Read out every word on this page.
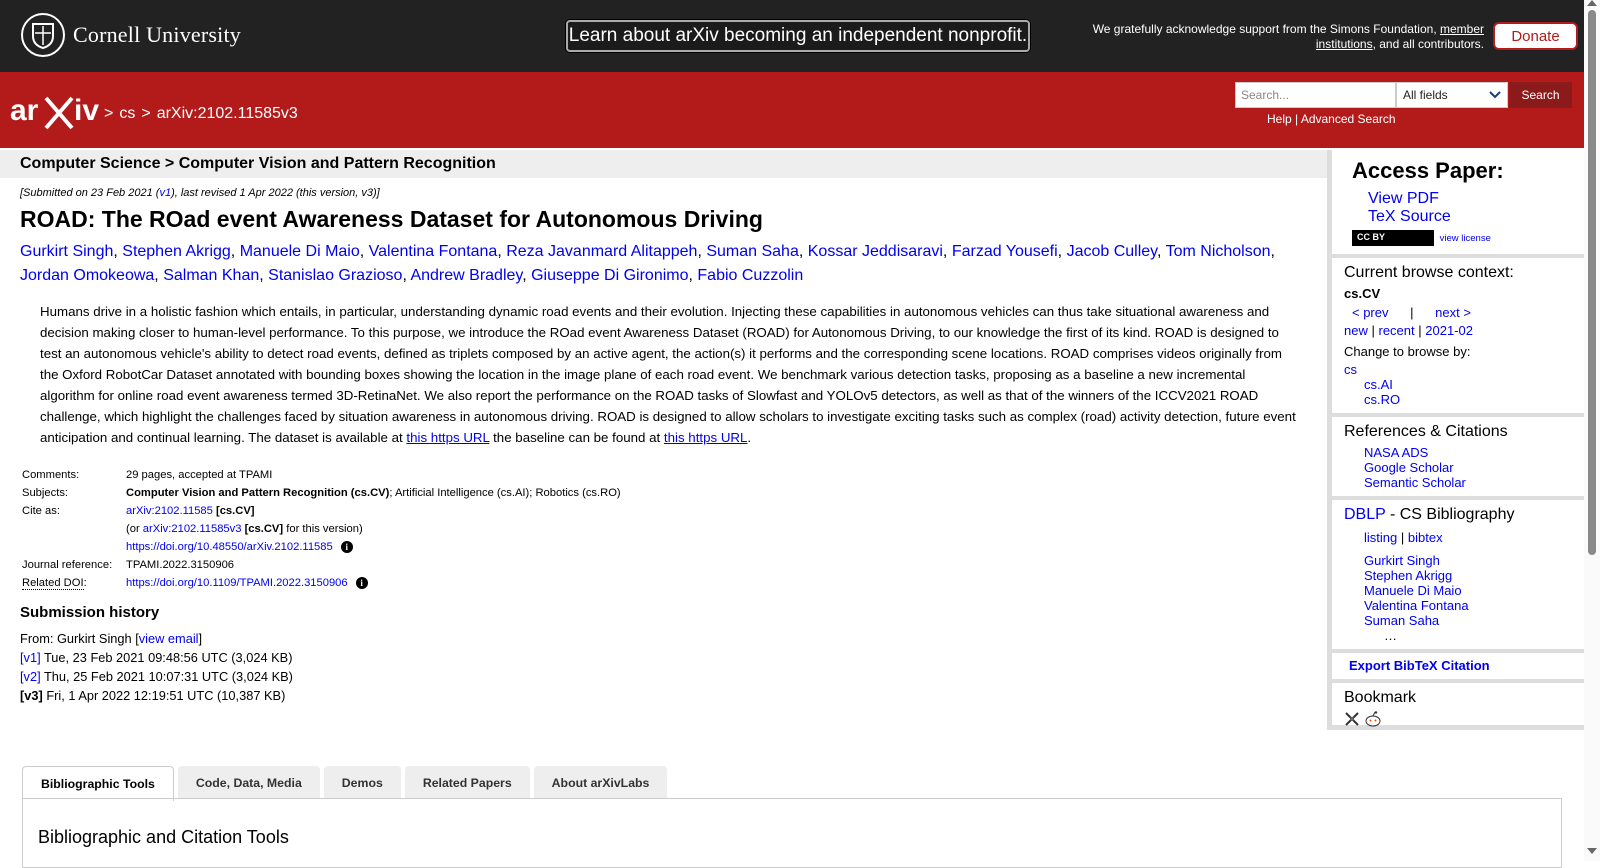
Cornell University	Learn about arXiv becoming an independent nonprofit.	We gratefully acknowledge support from the Simons Foundation, member institutions, and all contributors.	Donate
ar iv > cs > arXiv:2102.11585v3
Search...	All fields	Search
Help | Advanced Search
Computer Science > Computer Vision and Pattern Recognition
[Submitted on 23 Feb 2021 (v1), last revised 1 Apr 2022 (this version, v3)]
ROAD: The ROad event Awareness Dataset for Autonomous Driving
Gurkirt Singh, Stephen Akrigg, Manuele Di Maio, Valentina Fontana, Reza Javanmard Alitappeh, Suman Saha, Kossar Jeddisaravi, Farzad Yousefi, Jacob Culley, Tom Nicholson,
Jordan Omokeowa, Salman Khan, Stanislao Grazioso, Andrew Bradley, Giuseppe Di Gironimo, Fabio Cuzzolin
Humans drive in a holistic fashion which entails, in particular, understanding dynamic road events and their evolution. Injecting these capabilities in autonomous vehicles can thus take situational awareness and decision making closer to human-level performance. To this purpose, we introduce the ROad event Awareness Dataset (ROAD) for Autonomous Driving, to our knowledge the first of its kind. ROAD is designed to test an autonomous vehicle's ability to detect road events, defined as triplets composed by an active agent, the action(s) it performs and the corresponding scene locations. ROAD comprises videos originally from the Oxford RobotCar Dataset annotated with bounding boxes showing the location in the image plane of each road event. We benchmark various detection tasks, proposing as a baseline a new incremental algorithm for online road event awareness termed 3D-RetinaNet. We also report the performance on the ROAD tasks of Slowfast and YOLOv5 detectors, as well as that of the winners of the ICCV2021 ROAD challenge, which highlight the challenges faced by situation awareness in autonomous driving. ROAD is designed to allow scholars to investigate exciting tasks such as complex (road) activity detection, future event anticipation and continual learning. The dataset is available at this https URL the baseline can be found at this https URL.
Comments:	29 pages, accepted at TPAMI
Subjects:	Computer Vision and Pattern Recognition (cs.CV); Artificial Intelligence (cs.AI); Robotics (cs.RO)
Cite as:	arXiv:2102.11585 [cs.CV]
	(or arXiv:2102.11585v3 [cs.CV] for this version)
	https://doi.org/10.48550/arXiv.2102.11585 i
Journal reference:	TPAMI.2022.3150906
Related DOI:	https://doi.org/10.1109/TPAMI.2022.3150906 i
Submission history
From: Gurkirt Singh [view email]
[v1] Tue, 23 Feb 2021 09:48:56 UTC (3,024 KB)
[v2] Thu, 25 Feb 2021 10:07:31 UTC (3,024 KB)
[v3] Fri, 1 Apr 2022 12:19:51 UTC (10,387 KB)
Bibliographic Tools	Code, Data, Media	Demos	Related Papers	About arXivLabs
Bibliographic and Citation Tools
Access Paper:
View PDF
TeX Source
CC BY	view license
Current browse context:
cs.CV
< prev | next >
new | recent | 2021-02
Change to browse by:
cs
cs.AI
cs.RO
References & Citations
NASA ADS
Google Scholar
Semantic Scholar
DBLP - CS Bibliography
listing | bibtex
Gurkirt Singh
Stephen Akrigg
Manuele Di Maio
Valentina Fontana
Suman Saha
…
Export BibTeX Citation
Bookmark
